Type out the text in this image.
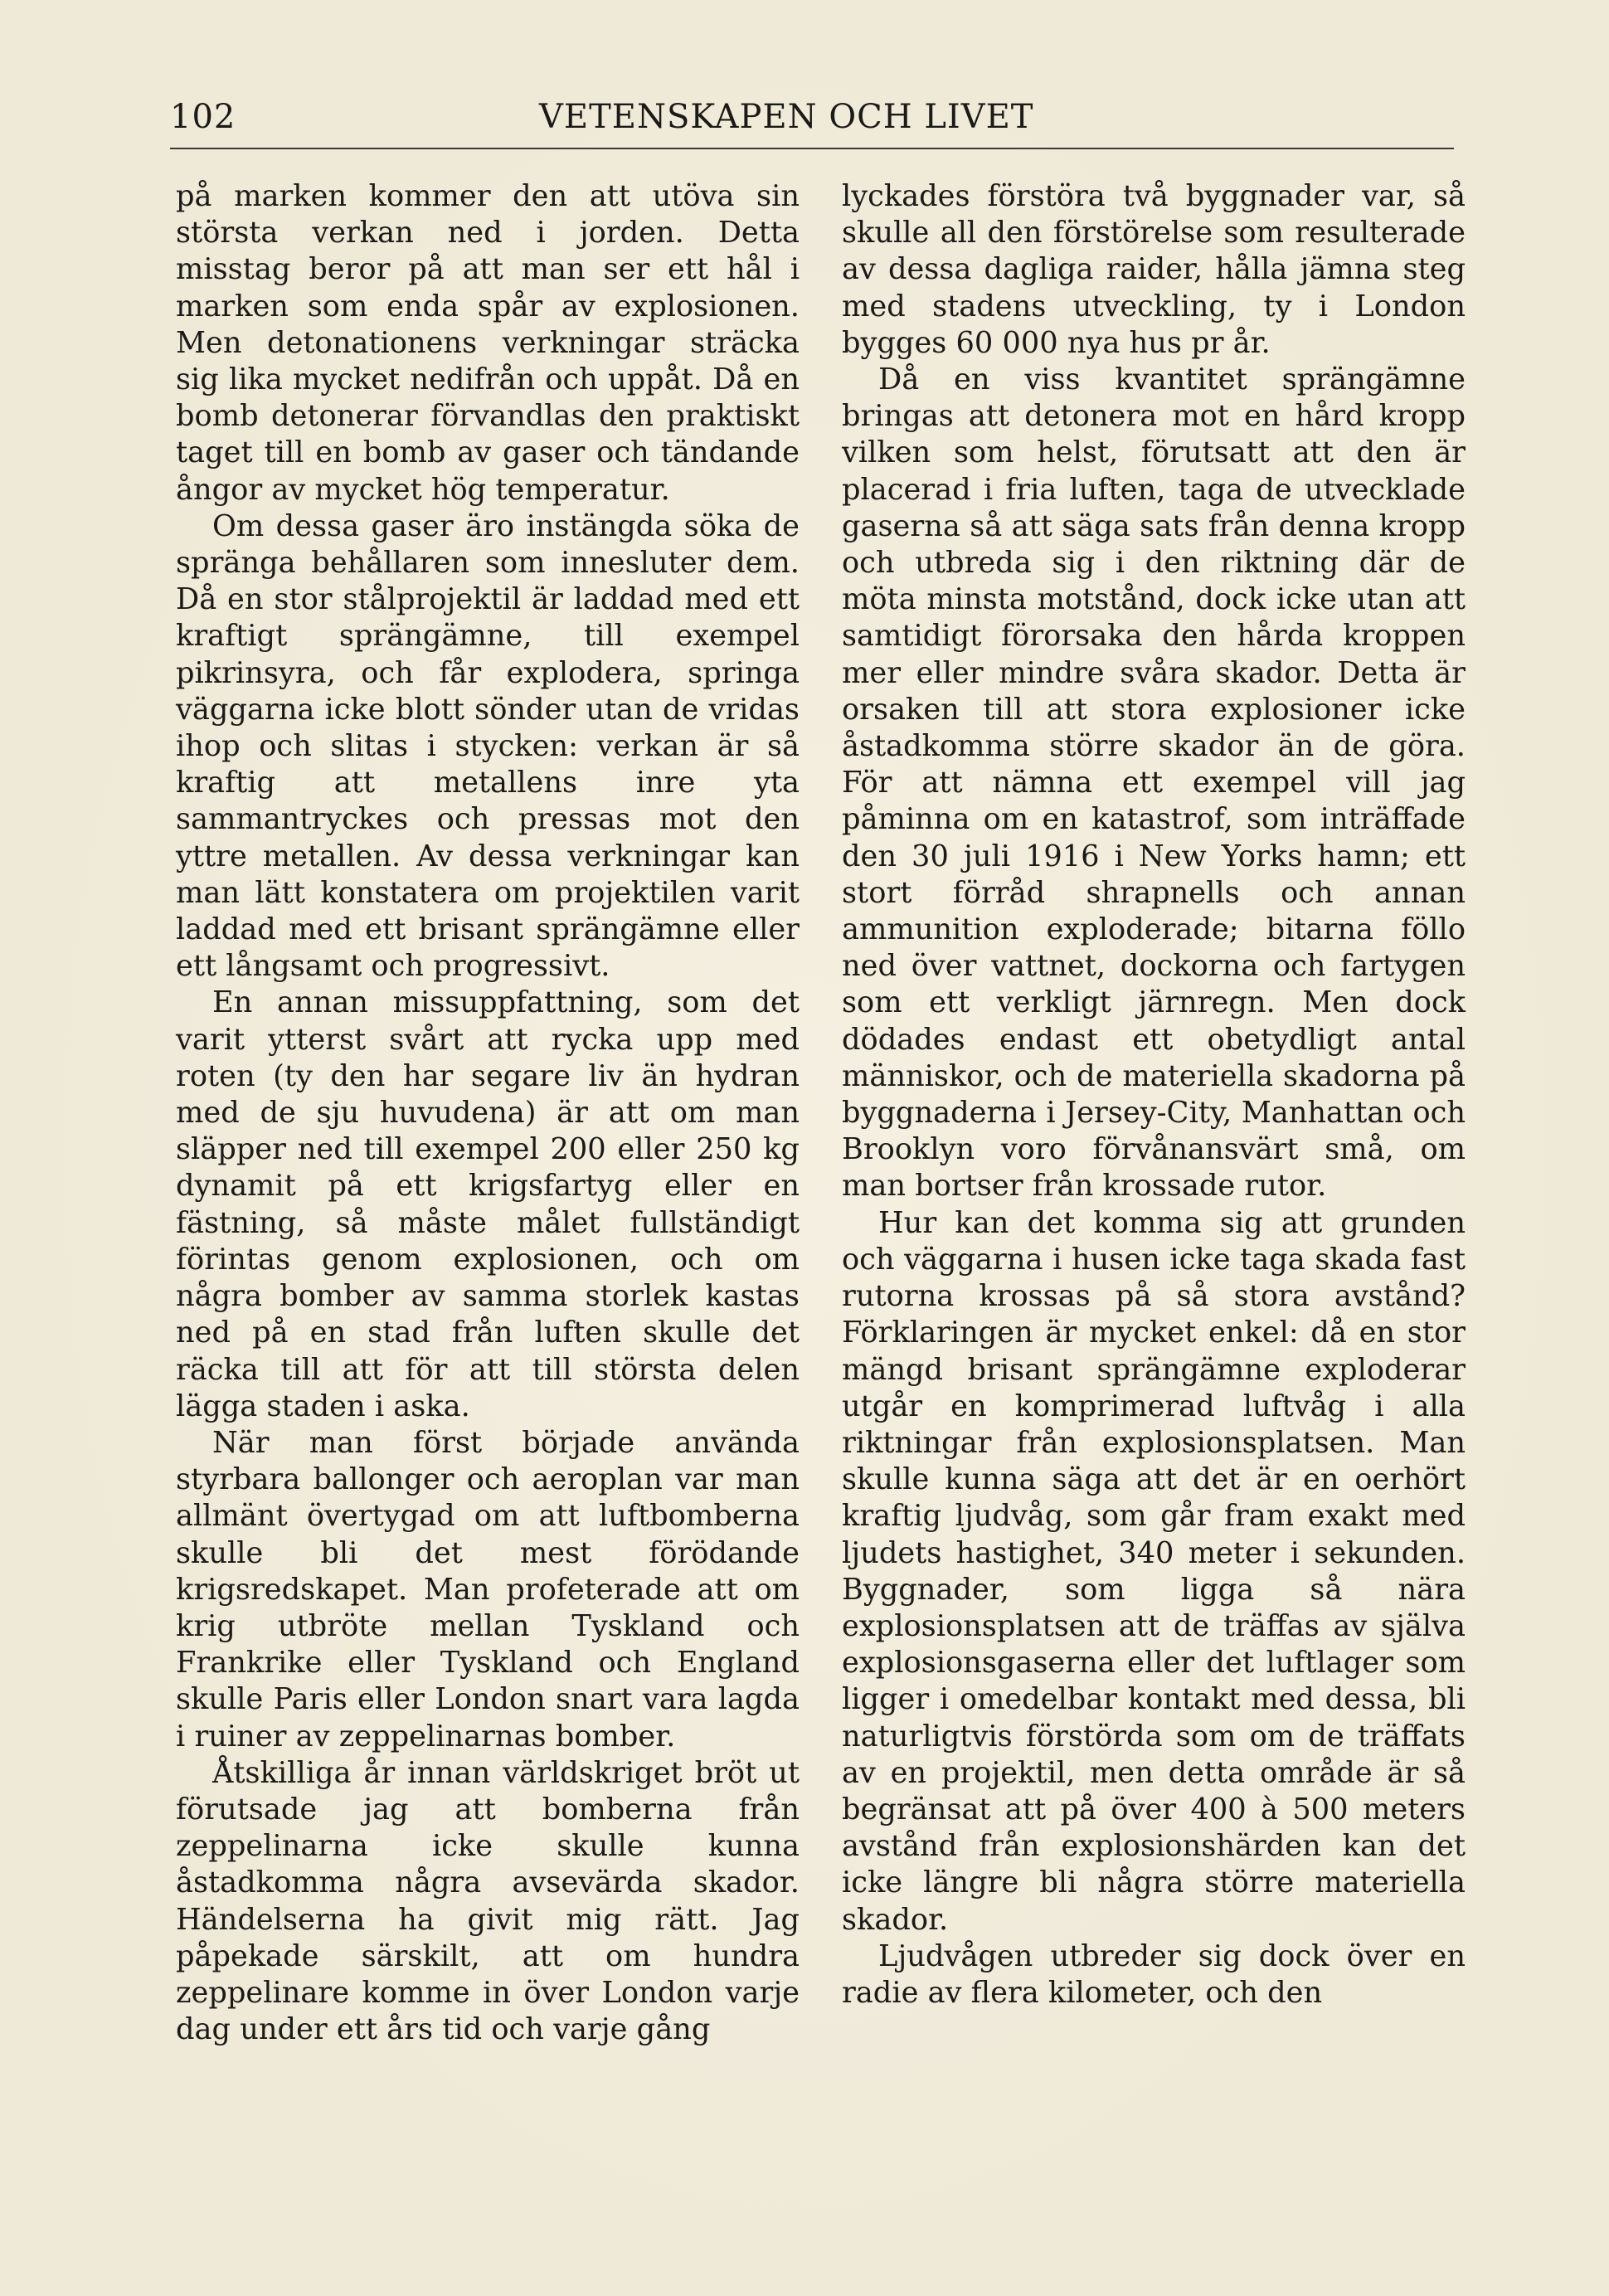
102	VETENSKAPEN OCH LIVET

på marken kommer den att utöva sin största verkan ned i jorden. Detta misstag beror på att man ser ett hål i marken som enda spår av explosionen. Men detonationens verkningar sträcka sig lika mycket nedifrån och uppåt. Då en bomb detonerar förvandlas den praktiskt taget till en bomb av gaser och tändande ångor av mycket hög temperatur.

Om dessa gaser äro instängda söka de spränga behållaren som innesluter dem. Då en stor stålprojektil är laddad med ett kraftigt sprängämne, till exempel pikrinsyra, och får explodera, springa väggarna icke blott sönder utan de vridas ihop och slitas i stycken: verkan är så kraftig att metallens inre yta sammantryckes och pressas mot den yttre metallen. Av dessa verkningar kan man lätt konstatera om projektilen varit laddad med ett brisant sprängämne eller ett långsamt och progressivt.

En annan missuppfattning, som det varit ytterst svårt att rycka upp med roten (ty den har segare liv än hydran med de sju huvudena) är att om man släpper ned till exempel 200 eller 250 kg dynamit på ett krigsfartyg eller en fästning, så måste målet fullständigt förintas genom explosionen, och om några bomber av samma storlek kastas ned på en stad från luften skulle det räcka till att för att till största delen lägga staden i aska.

När man först började använda styrbara ballonger och aeroplan var man allmänt övertygad om att luftbomberna skulle bli det mest förödande krigsredskapet. Man profeterade att om krig utbröte mellan Tyskland och Frankrike eller Tyskland och England skulle Paris eller London snart vara lagda i ruiner av zeppelinarnas bomber.

Åtskilliga år innan världskriget bröt ut förutsade jag att bomberna från zeppelinarna icke skulle kunna åstadkomma några avsevärda skador. Händelserna ha givit mig rätt. Jag påpekade särskilt, att om hundra zeppelinare komme in över London varje dag under ett års tid och varje gång

lyckades förstöra två byggnader var, så skulle all den förstörelse som resulterade av dessa dagliga raider, hålla jämna steg med stadens utveckling, ty i London bygges 60 000 nya hus pr år.

Då en viss kvantitet sprängämne bringas att detonera mot en hård kropp vilken som helst, förutsatt att den är placerad i fria luften, taga de utvecklade gaserna så att säga sats från denna kropp och utbreda sig i den riktning där de möta minsta motstånd, dock icke utan att samtidigt förorsaka den hårda kroppen mer eller mindre svåra skador. Detta är orsaken till att stora explosioner icke åstadkomma större skador än de göra. För att nämna ett exempel vill jag påminna om en katastrof, som inträffade den 30 juli 1916 i New Yorks hamn; ett stort förråd shrapnells och annan ammunition exploderade; bitarna föllo ned över vattnet, dockorna och fartygen som ett verkligt järnregn. Men dock dödades endast ett obetydligt antal människor, och de materiella skadorna på byggnaderna i Jersey-City, Manhattan och Brooklyn voro förvånansvärt små, om man bortser från krossade rutor.

Hur kan det komma sig att grunden och väggarna i husen icke taga skada fast rutorna krossas på så stora avstånd? Förklaringen är mycket enkel: då en stor mängd brisant sprängämne exploderar utgår en komprimerad luftvåg i alla riktningar från explosionsplatsen. Man skulle kunna säga att det är en oerhört kraftig ljudvåg, som går fram exakt med ljudets hastighet, 340 meter i sekunden. Byggnader, som ligga så nära explosionsplatsen att de träffas av själva explosionsgaserna eller det luftlager som ligger i omedelbar kontakt med dessa, bli naturligtvis förstörda som om de träffats av en projektil, men detta område är så begränsat att på över 400 à 500 meters avstånd från explosionshärden kan det icke längre bli några större materiella skador.

Ljudvågen utbreder sig dock över en radie av flera kilometer, och den
